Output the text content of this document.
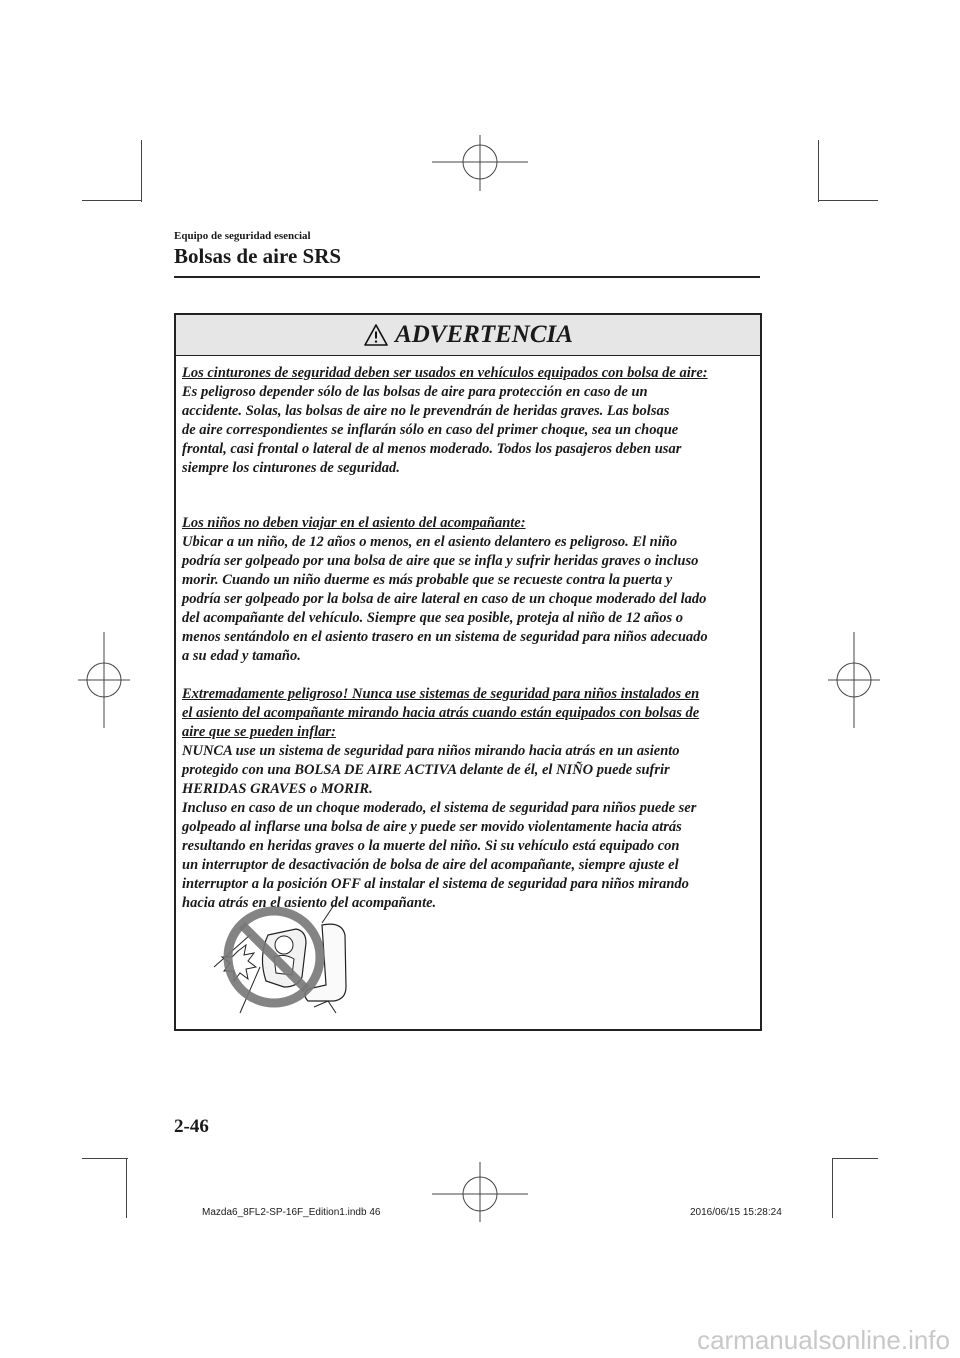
Equipo de seguridad esencial
Bolsas de aire SRS
ADVERTENCIA

Los cinturones de seguridad deben ser usados en vehículos equipados con bolsa de aire:

Es peligroso depender sólo de las bolsas de aire para protección en caso de un

accidente. Solas, las bolsas de aire no le prevendrán de heridas graves. Las bolsas

de aire correspondientes se inflarán sólo en caso del primer choque, sea un choque

frontal, casi frontal o lateral de al menos moderado. Todos los pasajeros deben usar

siempre los cinturones de seguridad.

Los niños no deben viajar en el asiento del acompañante:

Ubicar a un niño, de 12 años o menos, en el asiento delantero es peligroso. El niño

podría ser golpeado por una bolsa de aire que se infla y sufrir heridas graves o incluso

morir. Cuando un niño duerme es más probable que se recueste contra la puerta y

podría ser golpeado por la bolsa de aire lateral en caso de un choque moderado del lado

del acompañante del vehículo. Siempre que sea posible, proteja al niño de 12 años o

menos sentándolo en el asiento trasero en un sistema de seguridad para niños adecuado

a su edad y tamaño.

Extremadamente peligroso! Nunca use sistemas de seguridad para niños instalados en

el asiento del acompañante mirando hacia atrás cuando están equipados con bolsas de

aire que se pueden inflar:

NUNCA use un sistema de seguridad para niños mirando hacia atrás en un asiento

protegido con una BOLSA DE AIRE ACTIVA delante de él, el NIÑO puede sufrir

HERIDAS GRAVES o MORIR.

Incluso en caso de un choque moderado, el sistema de seguridad para niños puede ser

golpeado al inflarse una bolsa de aire y puede ser movido violentamente hacia atrás

resultando en heridas graves o la muerte del niño. Si su vehículo está equipado con

un interruptor de desactivación de bolsa de aire del acompañante, siempre ajuste el

interruptor a la posición OFF al instalar el sistema de seguridad para niños mirando

hacia atrás en el asiento del acompañante.

2-46
Mazda6_8FL2-SP-16F_Edition1.indb 46	2016/06/15 15:28:24
carmanualsonline.info
